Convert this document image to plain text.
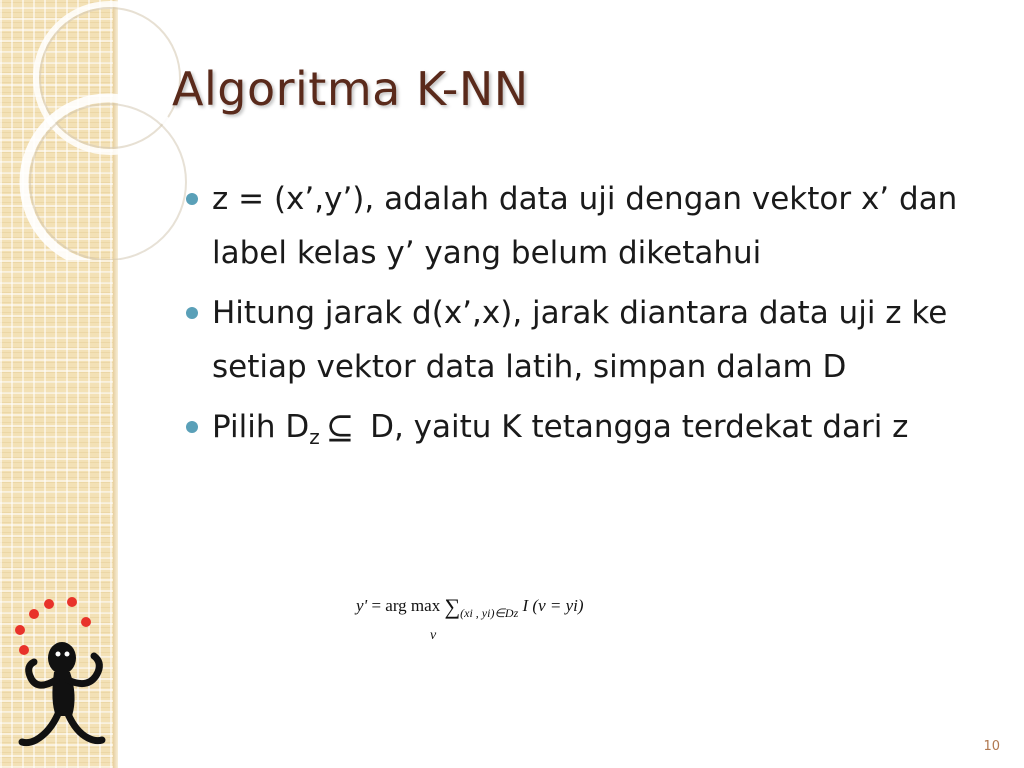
Algoritma K-NN
z = (x’,y’), adalah data uji dengan vektor x’ dan label kelas y’ yang belum diketahui
Hitung jarak d(x’,x), jarak diantara data uji z ke setiap vektor data latih, simpan dalam D
Pilih $D_z$ ⊆ D, yaitu K tetangga terdekat dari z
y' = arg $\max \sum_{(xi , yi)\in Dz}$ I (v = yi)
v
10
